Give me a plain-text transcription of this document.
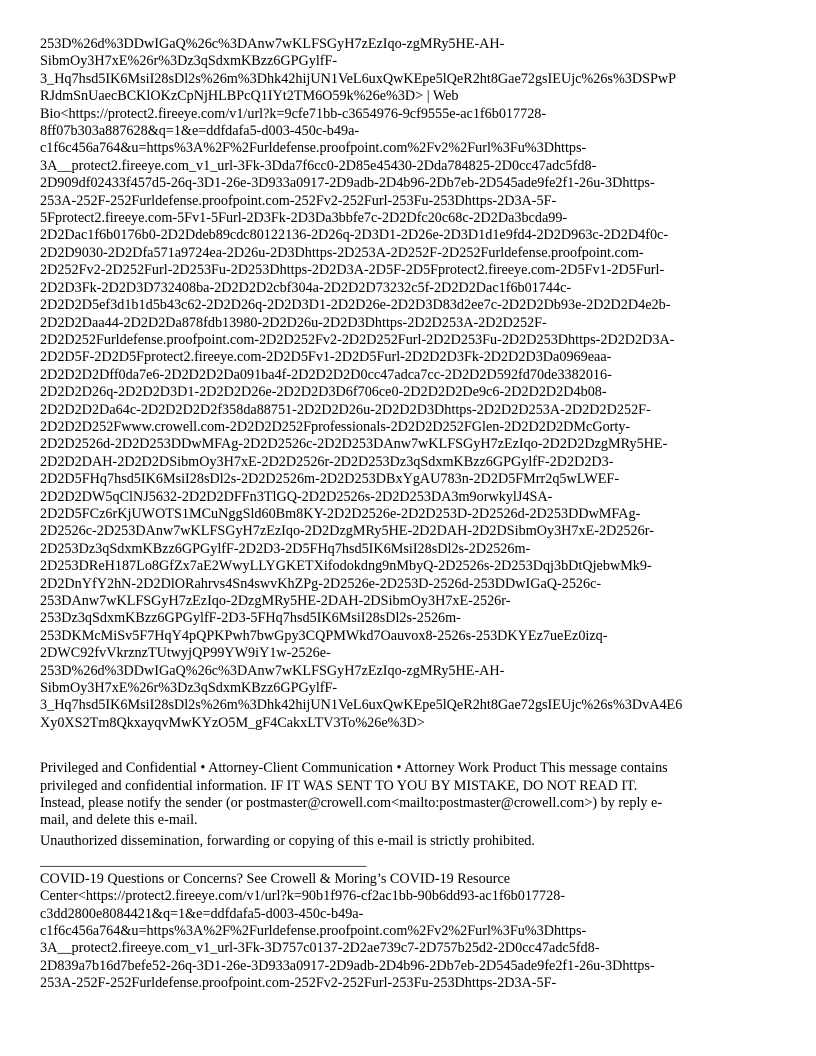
253D%26d%3DDwIGaQ%26c%3DAnw7wKLFSGyH7zEzIqo-zgMRy5HE-AH-
SibmOy3H7xE%26r%3Dz3qSdxmKBzz6GPGylfF-
3_Hq7hsd5IK6MsiI28sDl2s%26m%3Dhk42hijUN1VeL6uxQwKEpe5lQeR2ht8Gae72gsIEUjc%26s%3DSPwP
RJdmSnUaecBCKlOKzCpNjHLBPcQ1IYt2TM6O59k%26e%3D> | Web
Bio<https://protect2.fireeye.com/v1/url?k=9cfe71bb-c3654976-9cf9555e-ac1f6b017728-
8ff07b303a887628&q=1&e=ddfdafa5-d003-450c-b49a-
c1f6c456a764&u=https%3A%2F%2Furldefense.proofpoint.com%2Fv2%2Furl%3Fu%3Dhttps-
3A__protect2.fireeye.com_v1_url-3Fk-3Dda7f6cc0-2D85e45430-2Dda784825-2D0cc47adc5fd8-
2D909df02433f457d5-26q-3D1-26e-3D933a0917-2D9adb-2D4b96-2Db7eb-2D545ade9fe2f1-26u-3Dhttps-
253A-252F-252Furldefense.proofpoint.com-252Fv2-252Furl-253Fu-253Dhttps-2D3A-5F-
5Fprotect2.fireeye.com-5Fv1-5Furl-2D3Fk-2D3Da3bbfe7c-2D2Dfc20c68c-2D2Da3bcda99-
2D2Dac1f6b0176b0-2D2Ddeb89cdc80122136-2D26q-2D3D1-2D26e-2D3D1d1e9fd4-2D2D963c-2D2D4f0c-
2D2D9030-2D2Dfa571a9724ea-2D26u-2D3Dhttps-2D253A-2D252F-2D252Furldefense.proofpoint.com-
2D252Fv2-2D252Furl-2D253Fu-2D253Dhttps-2D2D3A-2D5F-2D5Fprotect2.fireeye.com-2D5Fv1-2D5Furl-
2D2D3Fk-2D2D3D732408ba-2D2D2D2cbf304a-2D2D2D73232c5f-2D2D2Dac1f6b01744c-
2D2D2D5ef3d1b1d5b43c62-2D2D26q-2D2D3D1-2D2D26e-2D2D3D83d2ee7c-2D2D2Db93e-2D2D2D4e2b-
2D2D2Daa44-2D2D2Da878fdb13980-2D2D26u-2D2D3Dhttps-2D2D253A-2D2D252F-
2D2D252Furldefense.proofpoint.com-2D2D252Fv2-2D2D252Furl-2D2D253Fu-2D2D253Dhttps-2D2D2D3A-
2D2D5F-2D2D5Fprotect2.fireeye.com-2D2D5Fv1-2D2D5Furl-2D2D2D3Fk-2D2D2D3Da0969eaa-
2D2D2D2Dff0da7e6-2D2D2D2Da091ba4f-2D2D2D2D0cc47adca7cc-2D2D2D592fd70de3382016-
2D2D2D26q-2D2D2D3D1-2D2D2D26e-2D2D2D3D6f706ce0-2D2D2D2De9c6-2D2D2D2D4b08-
2D2D2D2Da64c-2D2D2D2D2f358da88751-2D2D2D26u-2D2D2D3Dhttps-2D2D2D253A-2D2D2D252F-
2D2D2D252Fwww.crowell.com-2D2D2D252Fprofessionals-2D2D2D252FGlen-2D2D2D2DMcGorty-
2D2D2526d-2D2D253DDwMFAg-2D2D2526c-2D2D253DAnw7wKLFSGyH7zEzIqo-2D2D2DzgMRy5HE-
2D2D2DAH-2D2D2DSibmOy3H7xE-2D2D2526r-2D2D253Dz3qSdxmKBzz6GPGylfF-2D2D2D3-
2D2D5FHq7hsd5IK6MsiI28sDl2s-2D2D2526m-2D2D253DBxYgAU783n-2D2D5FMrr2q5wLWEF-
2D2D2DW5qClNJ5632-2D2D2DFFn3TlGQ-2D2D2526s-2D2D253DA3m9orwkylJ4SA-
2D2D5FCz6rKjUWOTS1MCuNggSld60Bm8KY-2D2D2526e-2D2D253D-2D2526d-2D253DDwMFAg-
2D2526c-2D253DAnw7wKLFSGyH7zEzIqo-2D2DzgMRy5HE-2D2DAH-2D2DSibmOy3H7xE-2D2526r-
2D253Dz3qSdxmKBzz6GPGylfF-2D2D3-2D5FHq7hsd5IK6MsiI28sDl2s-2D2526m-
2D253DReH187Lo8GfZx7aE2WwyLLYGKETXifodokdng9nMbyQ-2D2526s-2D253Dqj3bDtQjebwMk9-
2D2DnYfY2hN-2D2DlORahrvs4Sn4swvKhZPg-2D2526e-2D253D-2526d-253DDwIGaQ-2526c-
253DAnw7wKLFSGyH7zEzIqo-2DzgMRy5HE-2DAH-2DSibmOy3H7xE-2526r-
253Dz3qSdxmKBzz6GPGylfF-2D3-5FHq7hsd5IK6MsiI28sDl2s-2526m-
253DKMcMiSv5F7HqY4pQPKPwh7bwGpy3CQPMWkd7Oauvox8-2526s-253DKYEz7ueEz0izq-
2DWC92fvVkrznzTUtwyjQP99YW9iY1w-2526e-
253D%26d%3DDwIGaQ%26c%3DAnw7wKLFSGyH7zEzIqo-zgMRy5HE-AH-
SibmOy3H7xE%26r%3Dz3qSdxmKBzz6GPGylfF-
3_Hq7hsd5IK6MsiI28sDl2s%26m%3Dhk42hijUN1VeL6uxQwKEpe5lQeR2ht8Gae72gsIEUjc%26s%3DvA4E6
Xy0XS2Tm8QkxayqvMwKYzO5M_gF4CakxLTV3To%26e%3D>
Privileged and Confidential • Attorney-Client Communication • Attorney Work Product This message contains
privileged and confidential information. IF IT WAS SENT TO YOU BY MISTAKE, DO NOT READ IT.
Instead, please notify the sender (or postmaster@crowell.com<mailto:postmaster@crowell.com>) by reply e-
mail, and delete this e-mail.
Unauthorized dissemination, forwarding or copying of this e-mail is strictly prohibited.
______________________________________________
COVID-19 Questions or Concerns? See Crowell & Moring’s COVID-19 Resource
Center<https://protect2.fireeye.com/v1/url?k=90b1f976-cf2ac1bb-90b6dd93-ac1f6b017728-
c3dd2800e8084421&q=1&e=ddfdafa5-d003-450c-b49a-
c1f6c456a764&u=https%3A%2F%2Furldefense.proofpoint.com%2Fv2%2Furl%3Fu%3Dhttps-
3A__protect2.fireeye.com_v1_url-3Fk-3D757c0137-2D2ae739c7-2D757b25d2-2D0cc47adc5fd8-
2D839a7b16d7befe52-26q-3D1-26e-3D933a0917-2D9adb-2D4b96-2Db7eb-2D545ade9fe2f1-26u-3Dhttps-
253A-252F-252Furldefense.proofpoint.com-252Fv2-252Furl-253Fu-253Dhttps-2D3A-5F-
